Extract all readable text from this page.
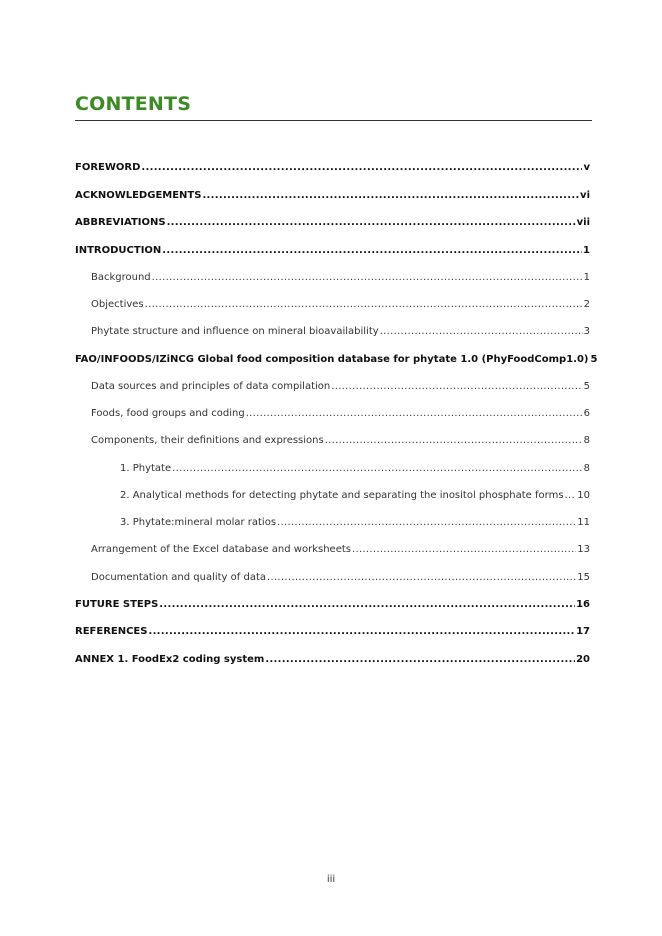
CONTENTS
FOREWORD .....	v
ACKNOWLEDGEMENTS .....	vi
ABBREVIATIONS .....	vii
INTRODUCTION .....	1
Background .....	1
Objectives .....	2
Phytate structure and influence on mineral bioavailability .....	3
FAO/INFOODS/IZiNCG Global food composition database for phytate 1.0 (PhyFoodComp1.0) 5
Data sources and principles of data compilation .....	5
Foods, food groups and coding .....	6
Components, their definitions and expressions .....	8
1. Phytate .....	8
2. Analytical methods for detecting phytate and separating the inositol phosphate forms ..... 10
3. Phytate:mineral molar ratios .....	11
Arrangement of the Excel database and worksheets .....	13
Documentation and quality of data .....	15
FUTURE STEPS .....	16
REFERENCES .....	17
ANNEX 1. FoodEx2 coding system .....	20
iii
